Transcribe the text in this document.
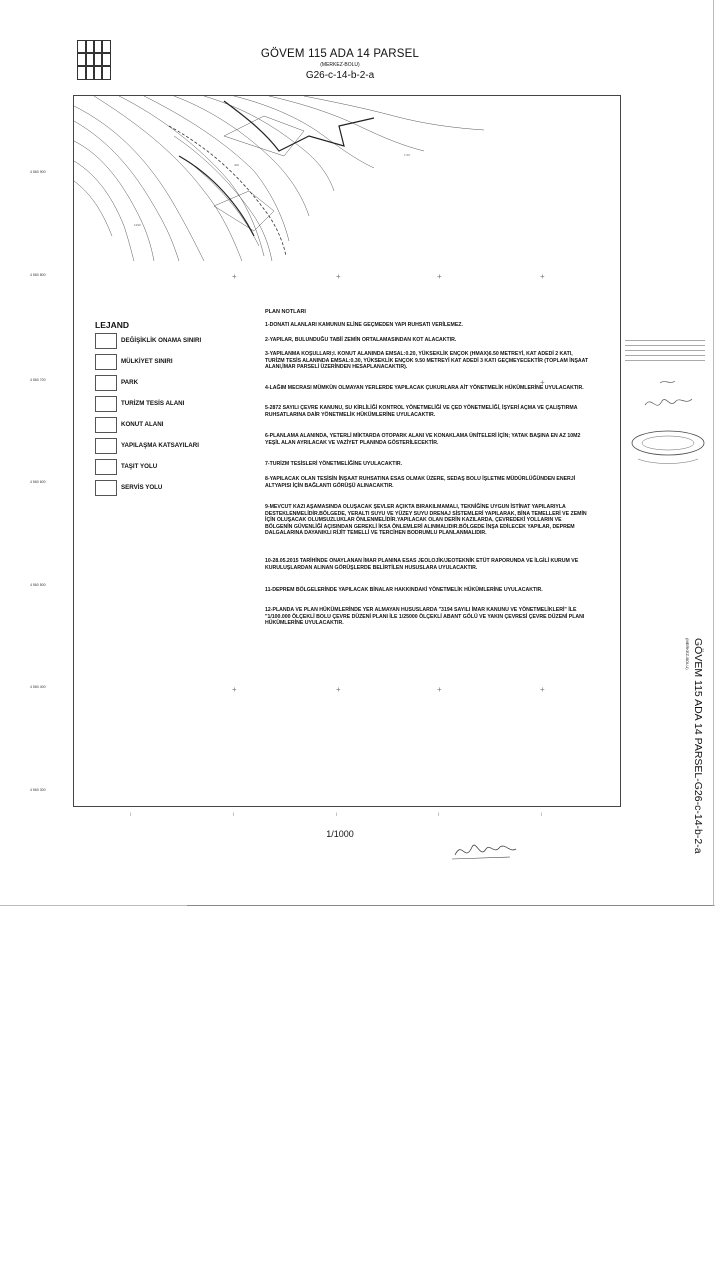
GÖVEM 115 ADA 14 PARSEL
(MERKEZ-BOLU)
G26-c-14-b-2-a
400
1290
1.60
4 560 900
4 560 800
4 560 700
4 560 600
4 560 500
4 560 400
4 560 300
+	+	+	+
+
+	+	+	+
LEJAND
DEĞİŞİKLİK ONAMA SINIRI
MÜLKİYET SINIRI
PARK
TURİZM TESİS ALANI
KONUT ALANI
YAPILAŞMA KATSAYILARI
TAŞIT YOLU
SERVİS YOLU
PLAN NOTLARI
1-DONATI ALANLARI KAMUNUN ELİNE GEÇMEDEN YAPI RUHSATI VERİLEMEZ.
2-YAPILAR, BULUNDUĞU TABİİ ZEMİN ORTALAMASINDAN KOT ALACAKTIR.
3-YAPILANMA KOŞULLARI;I. KONUT ALANINDA EMSAL:0.20, YÜKSEKLİK ENÇOK (HMAX)6.50 METREYİ, KAT ADEDİ 2 KATI, TURİZM TESİS ALANINDA EMSAL:0.30, YÜKSEKLİK ENÇOK 9.50 METREYİ KAT ADEDİ 3 KATI GEÇMEYECEKTİR (TOPLAM İNŞAAT ALANI,İMAR PARSELİ ÜZERİNDEN HESAPLANACAKTIR).
4-LAĞIM MECRASI MÜMKÜN OLMAYAN YERLERDE YAPILACAK ÇUKURLARA AİT YÖNETMELİK HÜKÜMLERİNE UYULACAKTIR.
5-2872 SAYILI ÇEVRE KANUNU, SU KİRLİLİĞİ KONTROL YÖNETMELİĞİ VE ÇED YÖNETMELİĞİ, İŞYERİ AÇMA VE ÇALIŞTIRMA RUHSATLARINA DAİR YÖNETMELİK HÜKÜMLERİNE UYULACAKTIR.
6-PLANLAMA ALANINDA, YETERLİ MİKTARDA OTOPARK ALANI VE KONAKLAMA ÜNİTELERİ İÇİN; YATAK BAŞINA EN AZ 10M2 YEŞİL ALAN AYRILACAK VE VAZİYET PLANINDA GÖSTERİLECEKTİR.
7-TURİZM TESİSLERİ YÖNETMELİĞİNE UYULACAKTIR.
8-YAPILACAK OLAN TESİSİN İNŞAAT RUHSATINA ESAS OLMAK ÜZERE, SEDAŞ BOLU İŞLETME MÜDÜRLÜĞÜNDEN ENERJİ ALTYAPISI İÇİN BAĞLANTI GÖRÜŞÜ ALINACAKTIR.
9-MEVCUT KAZI AŞAMASINDA OLUŞACAK ŞEVLER AÇIKTA BIRAKILMAMALI, TEKNİĞİNE UYGUN İSTİNAT YAPILARIYLA DESTEKLENMELİDİR.BÖLGEDE, YERALTI SUYU VE YÜZEY SUYU DRENAJ SİSTEMLERİ YAPILARAK, BİNA TEMELLERİ VE ZEMİN İÇİN OLUŞACAK OLUMSUZLUKLAR ÖNLENMELİDİR.YAPILACAK OLAN DERİN KAZILARDA, ÇEVREDEKİ YOLLARIN VE BÖLGENİN GÜVENLİĞİ AÇISINDAN GEREKLİ İKSA ÖNLEMLERİ ALINMALIDIR.BÖLGEDE İNŞA EDİLECEK YAPILAR, DEPREM DALGALARINA DAYANIKLI RİJİT TEMELLİ VE TERCİHEN BODRUMLU PLANLANMALIDIR.
10-28.05.2015 TARİHİNDE ONAYLANAN İMAR PLANINA ESAS JEOLOJİK/JEOTEKNİK ETÜT RAPORUNDA VE İLGİLİ KURUM VE KURULUŞLARDAN ALINAN GÖRÜŞLERDE BELİRTİLEN HUSUSLARA UYULACAKTIR.
11-DEPREM BÖLGELERİNDE YAPILACAK BİNALAR HAKKINDAKİ YÖNETMELİK HÜKÜMLERİNE UYULACAKTIR.
12-PLANDA VE PLAN HÜKÜMLERİNDE YER ALMAYAN HUSUSLARDA "3194 SAYILI İMAR KANUNU VE YÖNETMELİKLERİ" İLE "1/100.000 ÖLÇEKLİ BOLU ÇEVRE DÜZENİ PLANI İLE 1/25000 ÖLÇEKLİ ABANT GÖLÜ VE YAKIN ÇEVRESİ ÇEVRE DÜZENİ PLANI HÜKÜMLERİNE UYULACAKTIR.
|	|	|	|	|
1/1000	GÖVEM 115 ADA 14 PARSEL-G26-c-14-b-2-a
(MERKEZ-BOLU)
